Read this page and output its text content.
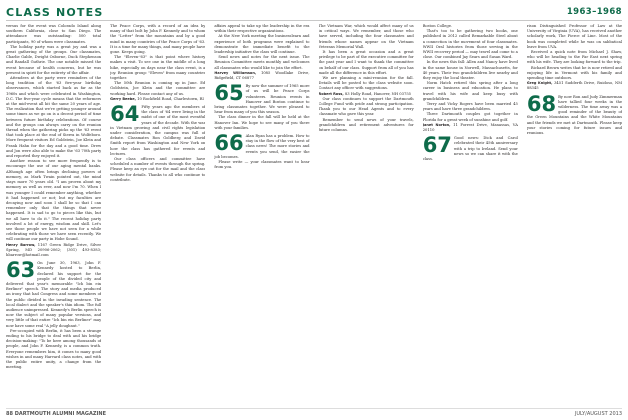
CLASS NOTES	1963–1968

versus for the event was Colorado Island along southern California, close to San Diego. The attendance was outstanding: 500 total participants, 90 of whom were classmates.

The holiday party was a great joy and was a great gathering of the groups. Our classmates, Charlie Gable, Dwight Osborne, Duck Stephenson and Randall Guthrie. The one notable missed the event because of health concerns, but he was present in spirit for the entirety of the affair.

Attendees at the party were reminders of the long tradition of the '63 five-year birthday observances, which started back as far as the 1960s and which were celebrated in Washington, D.C. The five-year cycle means that the reformers at the mid-event all hit the same 20 years of age. The realization that we're getting younger around some times as we go on is a decent period of time between future birthday celebrations. Of course and the groups can always carry on the reunion thread when the gathering picks up the '63 event that took place at the end of Sierra in Wolfeboro. More frequent visitors Ed Goldstein, Joe Klein and Frank Hahn for the day and a good time. Drew and Jon were also able to make the '63 70th party and reported they enjoyed it.

Another reason to see more frequently is to encourage the use of our aging mental banks. Although age often brings declining powers of memory, as Mark Twain pointed out, the mind stays more 70 years old. "I am proven about my memory as well as ever, and now I'm 70. When I was younger I could remember anything, whether it had happened or not; but my faculties are decaying now and soon I shall be so that I can remember only that the things that never happened. It is sad to go to pieces like this, but we all have to do it." The recent holiday party involved a lot of energy, wisdom and skill. Let's see those people we have not seen for a while celebrating with those we have seen recently. We will continue our party in Hobe Sound.

Henry Barrow, 1167 Green Ridge Drive, Silver Spring, MD 20906-2062; (301) 493-8383; hbarrow@hotmail.com

63 On June 30, 1963, John F. Kennedy hosted to Berlin, declared his support for the people of the divided city and delivered that year's memorable "Ich bin ein Berliner" speech. The story and media produced an irony that had Congress and some members of the public divided in the invading sentence. The local dialect and the speaker's thin idiom. The full audience unimpressed. Kennedy's Berlin speech is now the subject of many popular versions, and very little of that entire "Ich bin ein Berliner" may now have some real "A jelly doughnut."

Pre-occupied with Berlin, it has been a strange ending to his bridge to deal with and his bridge decision-making: "To be here among thousands of people, and John F. Kennedy, is a common truth. Everyone remembers him, it comes to many good wishes in and many Harvard class notes, and with the public entire unity, a change from the meeting.

The Peace Corps, with a record of an idea by many of that bolt by John F. Kennedy and to whom the "Letter" from the mountains and by a good mind in many countries of the Peace Corps of '63. It is a time for many things, and many people have gone. Keeps going.

The "Eleven-'63" is that point where history makes a visit. To see one in the middle of a long hike, especially on days near the class event, is a joy. Reunion group: "Eleven" from many countries together.

The 50th Reunion is coming up in June. Ed Goldstein, Joe Klein and the committee are working hard. Please contact any of us.

Gerry Beebe, 10 Rockfield Road, Charlestown, RI

64 Fifty years ago the members of the class of '64 were living in the midst of one of the most eventful years of the decade. With the war in Vietnam growing and civil rights legislation under consideration, the campus was full of debate. Classmates Ron Goldberg and David Smith report from Washington and New York on how the class has gathered for events and lectures.

Our class officers and committee have scheduled a number of events through the spring. Please keep an eye out for the mail and the class website for details. Thanks to all who continue to contribute.

affairs appeal to take up the leadership in the era within their respective organizations.

At the New York meeting the businesslearn and experience of both programs were explained to demonstrate the immediate benefit to the leadership initiative the class will continue.

Send news and notes for the next issue. The Reunion Committee meets monthly and welcomes all classmates who would like to join the effort.

Harvey Williamson, 1085 Woodlake Drive, Ridgefield, CT 06877

65 By now the summer of 1965 more of us will be Peace Corps volunteers. Reunion events in Hanover and Boston continue to bring classmates together. We were pleased to hear from many of you this season.

The class dinner in the fall will be held at the Hanover Inn. We hope to see many of you there with your families.

66 Alan Ryan has a problem. How to stay in the flow of the very best of class news! The more stories and events you send, the easier the job becomes.

Please write — your classmates want to hear from you.

The Vietnam War, which would affect many of us in critical ways. We remember, and those who have served, including the four classmates and friends whose names appear on the Vietnam Veterans Memorial Wall.

It has been a great occasion and a great privilege to be part of the executive committee for the past year and I want to thank the committee on behalf of our class. Support from all of you has made all the difference in this effort.

We are planning a mini-reunion for the fall. Details will be posted to the class website soon. Contact any officer with suggestions.

Robert Ross, 83 Holly Road, Hanover, NH 03755

Our class continues to support the Dartmouth College Fund with pride and strong participation. Thank you to our Head Agents and to every classmate who gave this year.

Remember to send news of your travels, grandchildren and retirement adventures for future columns.

Boston College.

That's too to be gathering two books, one published in 2012 called Remarkable Steel about a connection in the movement of four classmates. WWII Oral histories from those serving in the WWII recovery period — may travel and come to a close. Our combined Jay Sears and Susan Ward.

In the news this fall: Allen and Nancy have lived in the same house in Norwell, Massachusetts, for 40 years. Their two grandchildren live nearby and they enjoy the local theater.

Norm Hatch retired this spring after a long career in business and education. He plans to travel with his wife and keep busy with grandchildren.

Terry and Vicky Rogers have been married 45 years and have three grandchildren.

Three Dartmouth couples got together in Florida for a great week of sunshine and golf.

Janet Norton, 11 Forrest Drive, Manassas, VA 20110

67 Good news: Dick and Carol celebrated their 45th anniversary with a trip to Ireland. Send your news so we can share it with the class.

rison Distinguished Professor of Law at the University of Virginia (UVA), has received another scholarly work, The Fierce of Line. Most of the book was completed while he was on sabbatical leave from UVA.

Received a quick note from Michael J. Shaw, who will be heading to the Far East next spring with his wife. They are looking forward to the trip.

Richard Brown writes that he is now retired and enjoying life in Vermont with his family and spending time outdoors.

Greg Knight, 3451 Sudderth Drive, Ruidoso, NM 88345

68 By now Ron and Judy Zimmerman have tallied four weeks in the wilderness. The time away was a good reminder of the beauty of the Green Mountains and the White Mountains and the friends we met at Dartmouth. Please keep your stories coming for future issues and reunions.

88 DARTMOUTH ALUMNI MAGAZINE	JULY/AUGUST 2013
